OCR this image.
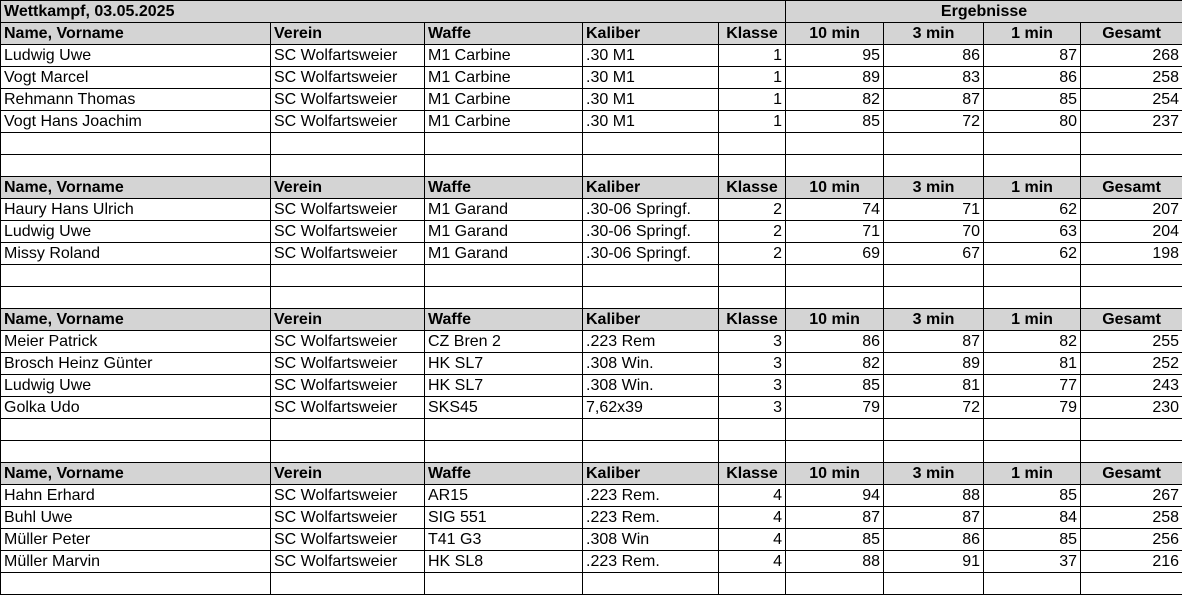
Wettkampf, 03.05.2025					Ergebnisse			
Name, Vorname	Verein	Waffe	Kaliber	Klasse	10 min	3 min	1 min	Gesamt
Ludwig Uwe	SC Wolfartsweier	M1 Carbine	.30 M1	1	95	86	87	268
Vogt Marcel	SC Wolfartsweier	M1 Carbine	.30 M1	1	89	83	86	258
Rehmann Thomas	SC Wolfartsweier	M1 Carbine	.30 M1	1	82	87	85	254
Vogt Hans Joachim	SC Wolfartsweier	M1 Carbine	.30 M1	1	85	72	80	237

Name, Vorname	Verein	Waffe	Kaliber	Klasse	10 min	3 min	1 min	Gesamt
Haury Hans Ulrich	SC Wolfartsweier	M1 Garand	.30-06 Springf.	2	74	71	62	207
Ludwig Uwe	SC Wolfartsweier	M1 Garand	.30-06 Springf.	2	71	70	63	204
Missy Roland	SC Wolfartsweier	M1 Garand	.30-06 Springf.	2	69	67	62	198

Name, Vorname	Verein	Waffe	Kaliber	Klasse	10 min	3 min	1 min	Gesamt
Meier Patrick	SC Wolfartsweier	CZ Bren 2	.223 Rem	3	86	87	82	255
Brosch Heinz Günter	SC Wolfartsweier	HK SL7	.308 Win.	3	82	89	81	252
Ludwig Uwe	SC Wolfartsweier	HK SL7	.308 Win.	3	85	81	77	243
Golka Udo	SC Wolfartsweier	SKS45	7,62x39	3	79	72	79	230

Name, Vorname	Verein	Waffe	Kaliber	Klasse	10 min	3 min	1 min	Gesamt
Hahn Erhard	SC Wolfartsweier	AR15	.223 Rem.	4	94	88	85	267
Buhl Uwe	SC Wolfartsweier	SIG 551	.223 Rem.	4	87	87	84	258
Müller Peter	SC Wolfartsweier	T41 G3	.308 Win	4	85	86	85	256
Müller Marvin	SC Wolfartsweier	HK SL8	.223 Rem.	4	88	91	37	216
